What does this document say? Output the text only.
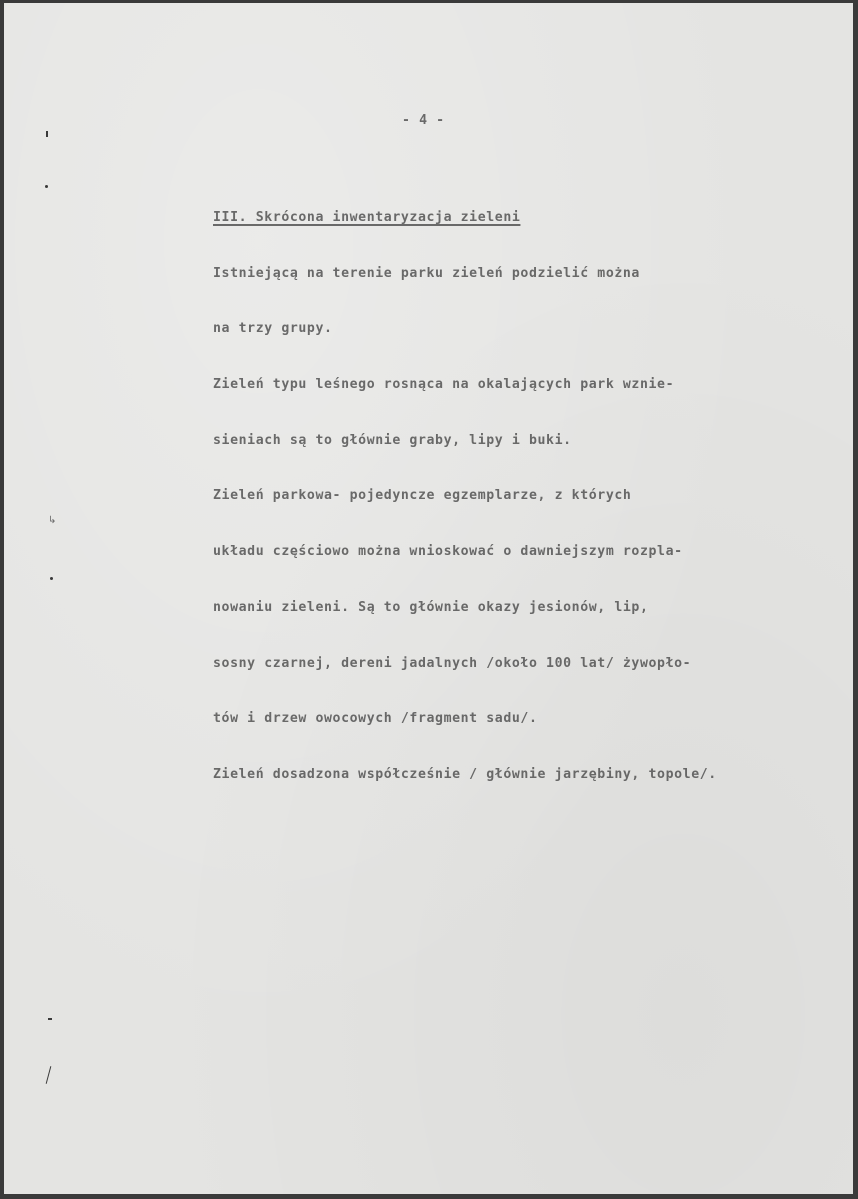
↳
- 4 -

III. Skrócona inwentaryzacja zieleni

Istniejącą na terenie parku zieleń podzielić można

na trzy grupy.

Zieleń typu leśnego rosnąca na okalających park wznie-

sieniach są to głównie graby, lipy i buki.

Zieleń parkowa- pojedyncze egzemplarze, z których

układu częściowo można wnioskować o dawniejszym rozpla-

nowaniu zieleni. Są to głównie okazy jesionów, lip,

sosny czarnej, dereni jadalnych /około 100 lat/ żywopło-

tów i drzew owocowych /fragment sadu/.

Zieleń dosadzona współcześnie / głównie jarzębiny, topole/.
